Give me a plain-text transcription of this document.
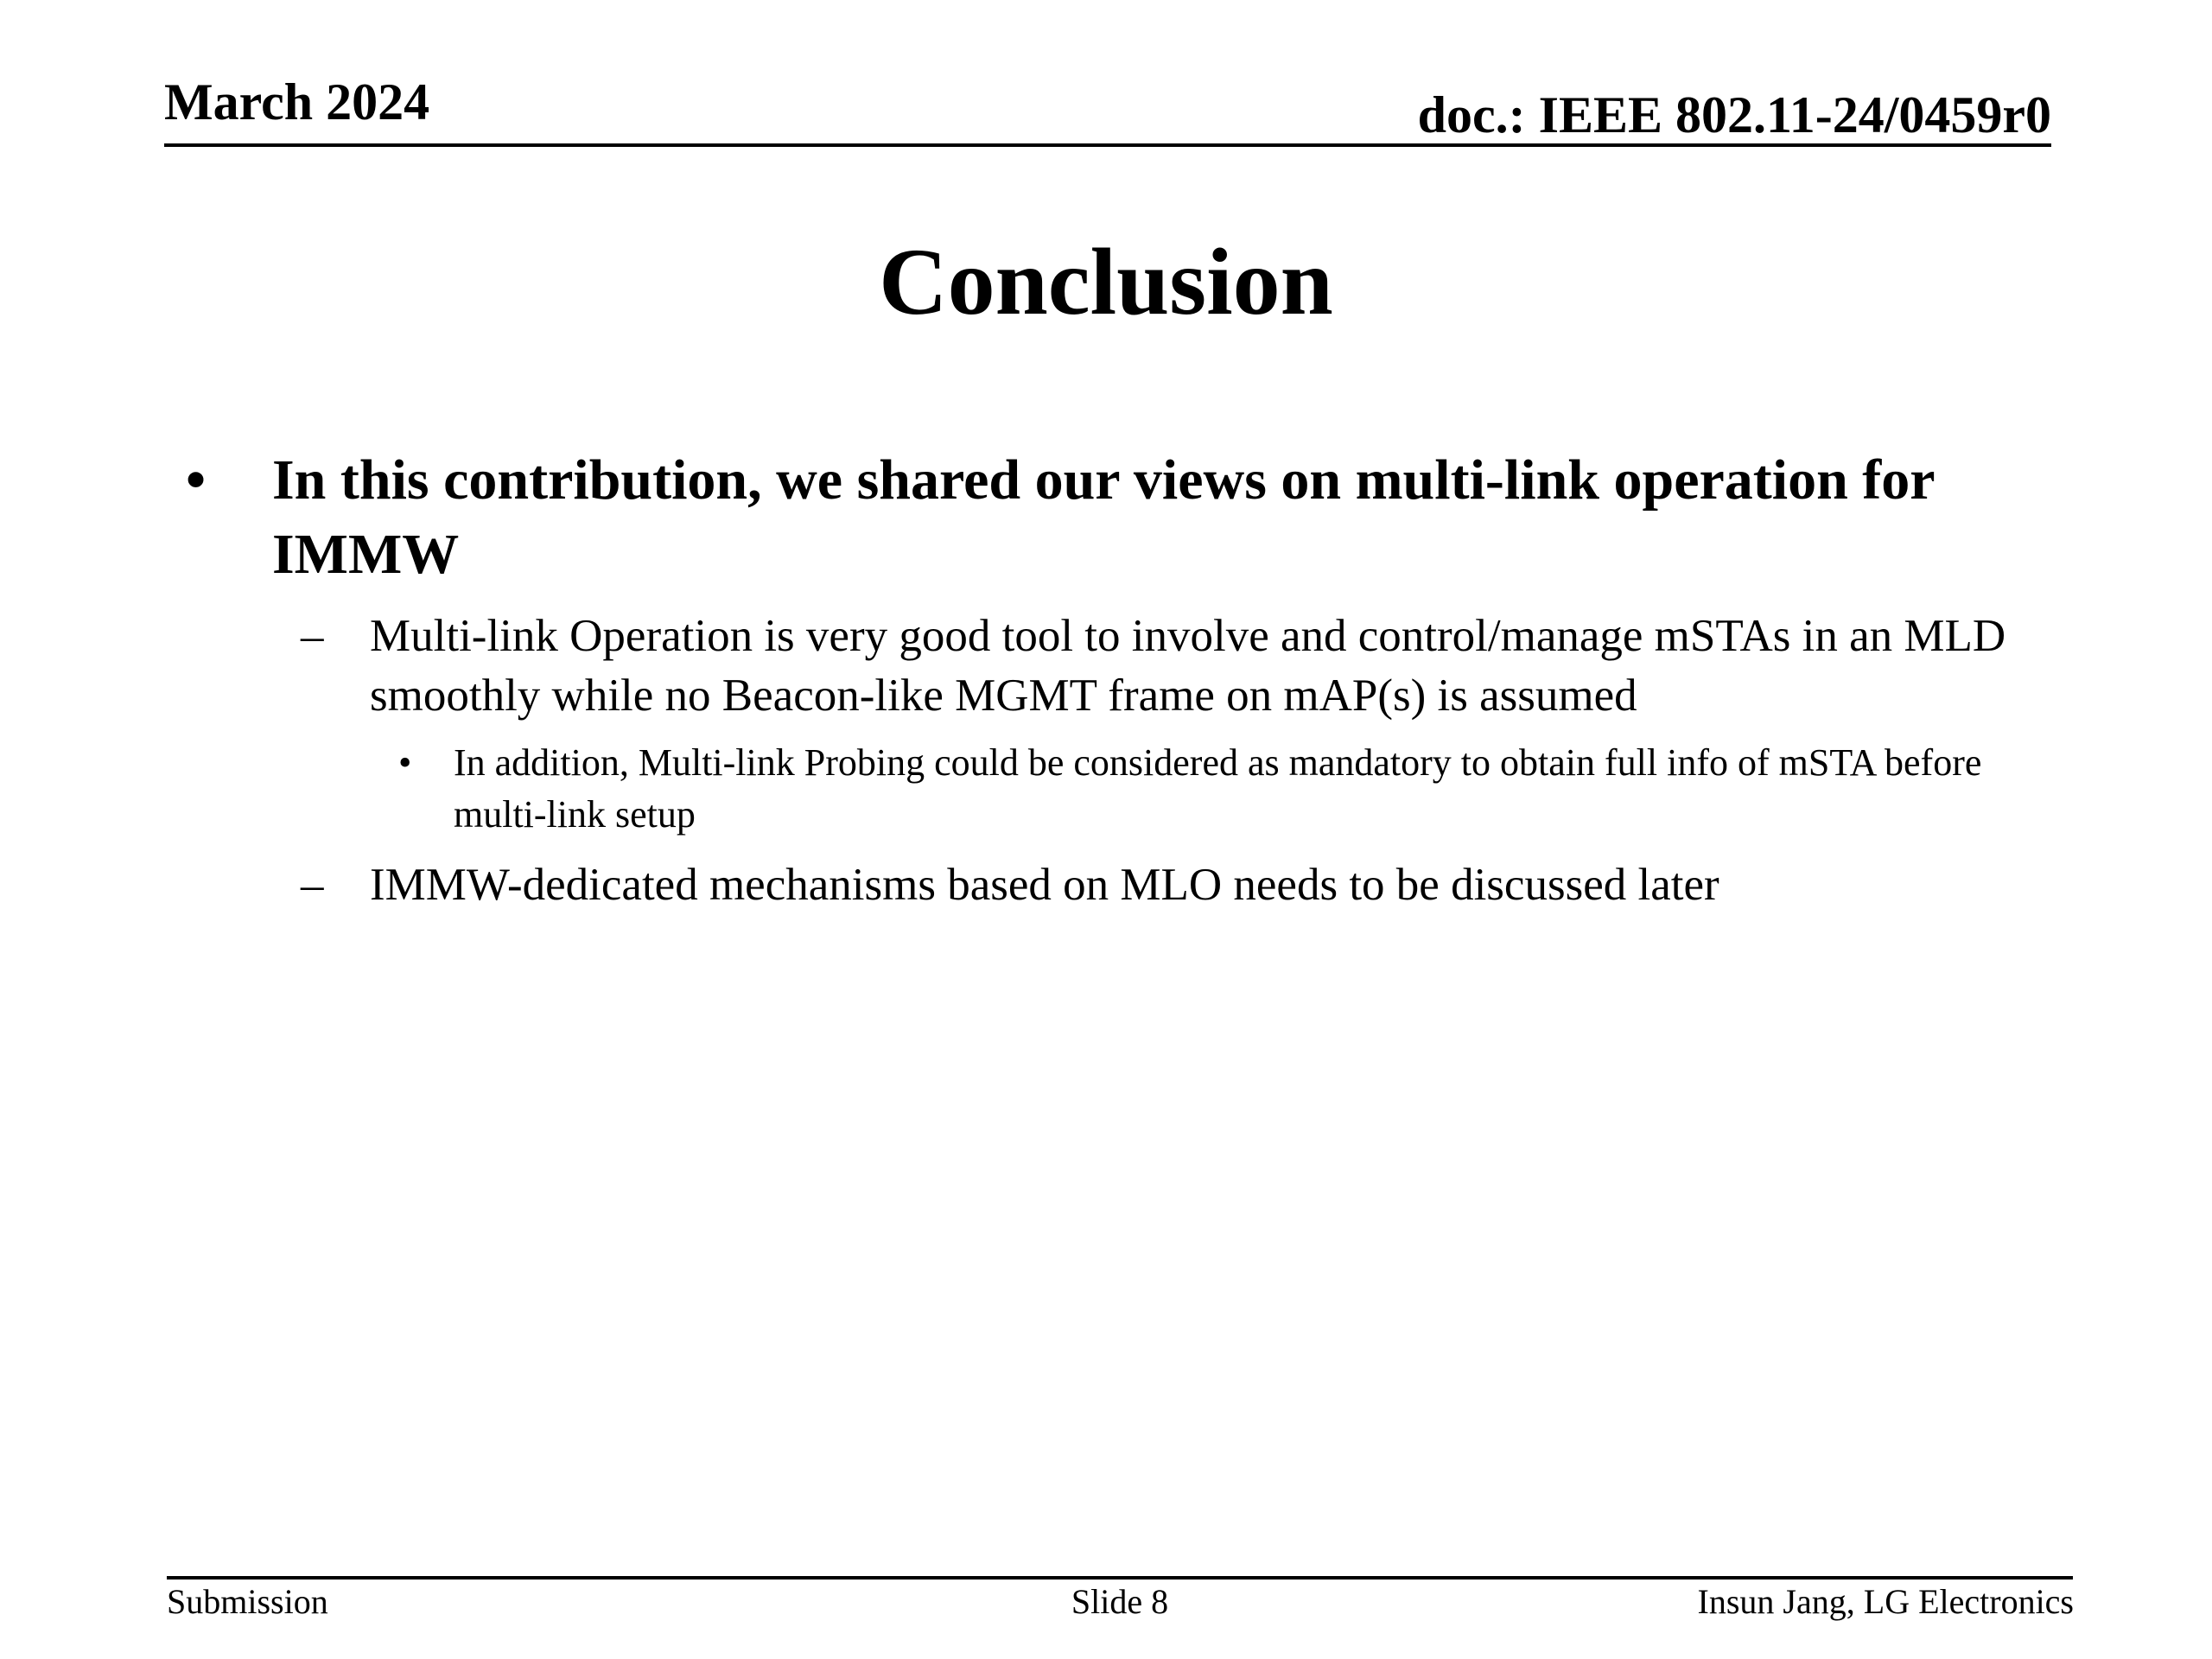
March 2024	doc.: IEEE 802.11-24/0459r0
Conclusion
• In this contribution, we shared our views on multi-link operation for IMMW
– Multi-link Operation is very good tool to involve and control/manage mSTAs in an MLD smoothly while no Beacon-like MGMT frame on mAP(s) is assumed
• In addition, Multi-link Probing could be considered as mandatory to obtain full info of mSTA before multi-link setup
– IMMW-dedicated mechanisms based on MLO needs to be discussed later
Submission	Slide 8	Insun Jang, LG Electronics
